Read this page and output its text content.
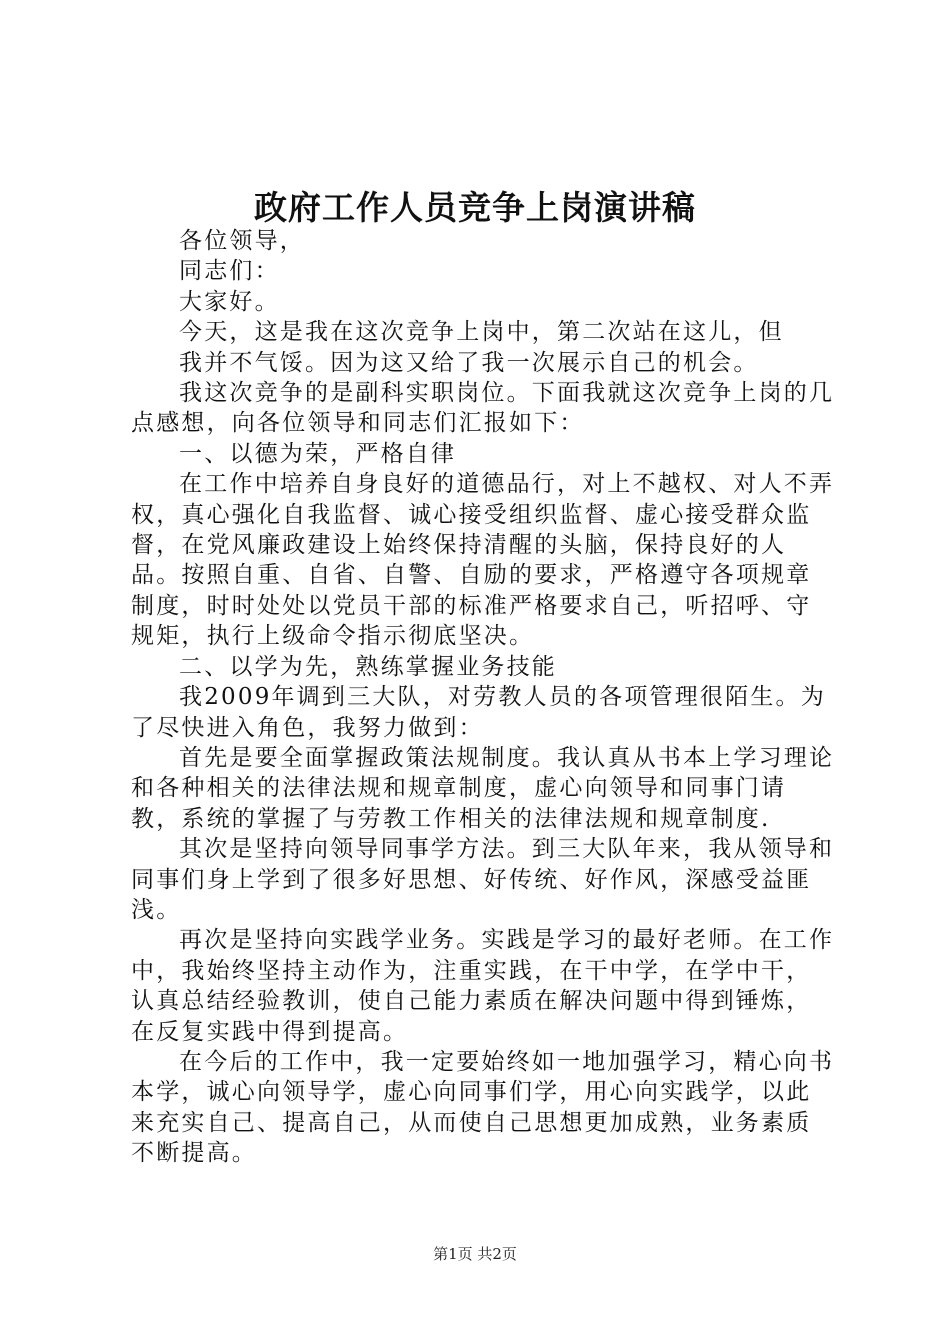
政府工作人员竞争上岗演讲稿

各位领导，

同志们：

大家好。

今天，这是我在这次竞争上岗中，第二次站在这儿，但

我并不气馁。因为这又给了我一次展示自己的机会。

我这次竞争的是副科实职岗位。下面我就这次竞争上岗的几点感想，向各位领导和同志们汇报如下：

一、以德为荣，严格自律

在工作中培养自身良好的道德品行，对上不越权、对人不弄权，真心强化自我监督、诚心接受组织监督、虚心接受群众监督，在党风廉政建设上始终保持清醒的头脑，保持良好的人品。按照自重、自省、自警、自励的要求，严格遵守各项规章制度，时时处处以党员干部的标准严格要求自己，听招呼、守规矩，执行上级命令指示彻底坚决。

二、以学为先，熟练掌握业务技能

我2009年调到三大队，对劳教人员的各项管理很陌生。为了尽快进入角色，我努力做到：

首先是要全面掌握政策法规制度。我认真从书本上学习理论和各种相关的法律法规和规章制度，虚心向领导和同事门请教，系统的掌握了与劳教工作相关的法律法规和规章制度.

其次是坚持向领导同事学方法。到三大队年来，我从领导和同事们身上学到了很多好思想、好传统、好作风，深感受益匪浅。

再次是坚持向实践学业务。实践是学习的最好老师。在工作中，我始终坚持主动作为，注重实践，在干中学，在学中干，认真总结经验教训，使自己能力素质在解决问题中得到锤炼，在反复实践中得到提高。

在今后的工作中，我一定要始终如一地加强学习，精心向书本学，诚心向领导学，虚心向同事们学，用心向实践学，以此来充实自己、提高自己，从而使自己思想更加成熟，业务素质不断提高。

第1页 共2页
